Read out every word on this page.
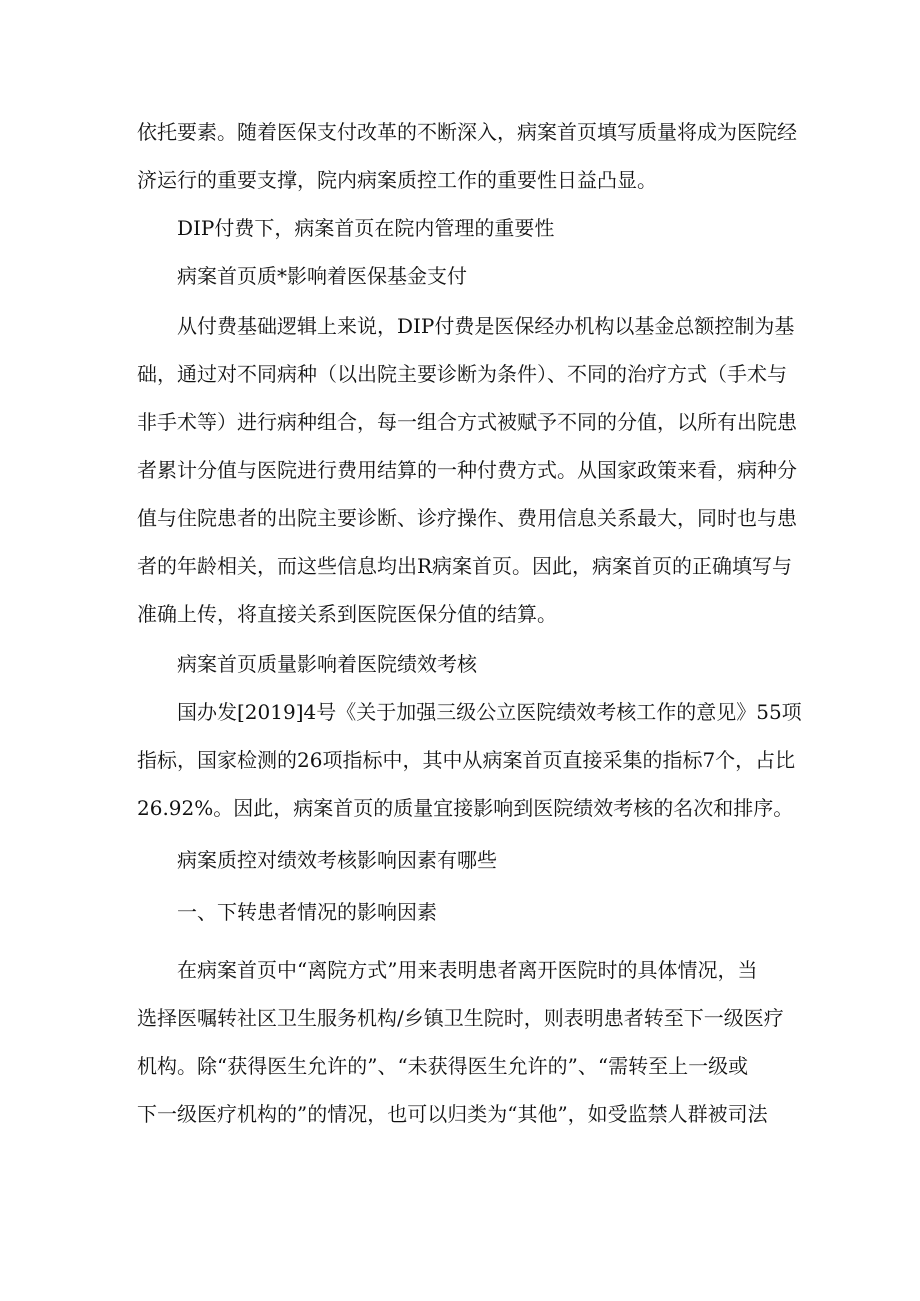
依托要素。随着医保支付改革的不断深入，病案首页填写质量将成为医院经
济运行的重要支撑，院内病案质控工作的重要性日益凸显。
DIP付费下，病案首页在院内管理的重要性
病案首页质*影响着医保基金支付
从付费基础逻辑上来说，DIP付费是医保经办机构以基金总额控制为基
础，通过对不同病种（以出院主要诊断为条件）、不同的治疗方式（手术与
非手术等）进行病种组合，每一组合方式被赋予不同的分值，以所有出院患
者累计分值与医院进行费用结算的一种付费方式。从国家政策来看，病种分
值与住院患者的出院主要诊断、诊疗操作、费用信息关系最大，同时也与患
者的年龄相关，而这些信息均出R病案首页。因此，病案首页的正确填写与
准确上传，将直接关系到医院医保分值的结算。
病案首页质量影响着医院绩效考核
国办发[2019]4号《关于加强三级公立医院绩效考核工作的意见》55项
指标，国家检测的26项指标中，其中从病案首页直接采集的指标7个，占比
26.92%。因此，病案首页的质量宜接影响到医院绩效考核的名次和排序。
病案质控对绩效考核影响因素有哪些
一、下转患者情况的影响因素
在病案首页中“离院方式”用来表明患者离开医院时的具体情况，当
选择医嘱转社区卫生服务机构/乡镇卫生院时，则表明患者转至下一级医疗
机构。除“获得医生允许的”、“未获得医生允许的”、“需转至上一级或
下一级医疗机构的”的情况，也可以归类为“其他”，如受监禁人群被司法
